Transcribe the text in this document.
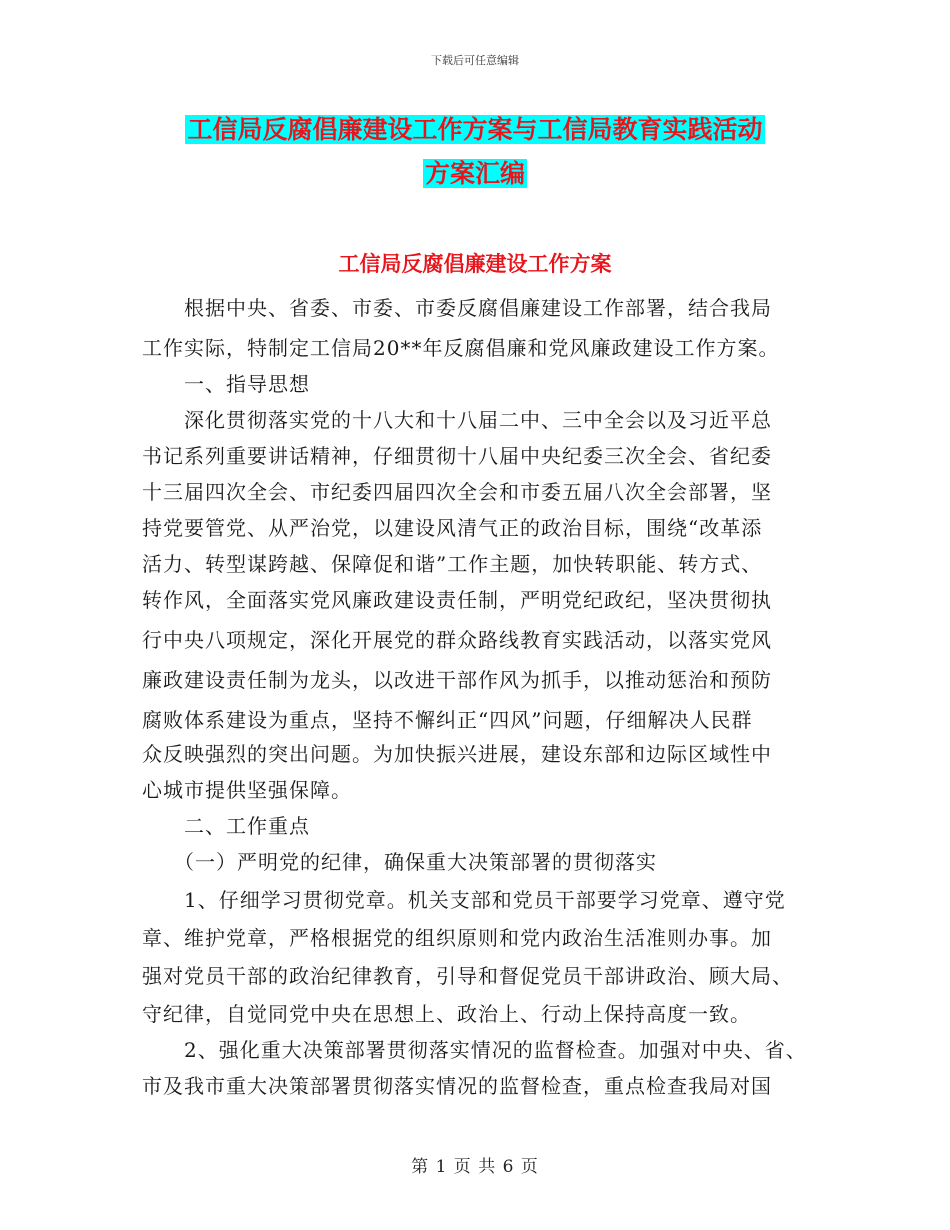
下载后可任意编辑
工信局反腐倡廉建设工作方案与工信局教育实践活动
方案汇编
工信局反腐倡廉建设工作方案
　　根据中央、省委、市委、市委反腐倡廉建设工作部署，结合我局
工作实际，特制定工信局20**年反腐倡廉和党风廉政建设工作方案。
　　一、指导思想
　　深化贯彻落实党的十八大和十八届二中、三中全会以及习近平总
书记系列重要讲话精神，仔细贯彻十八届中央纪委三次全会、省纪委
十三届四次全会、市纪委四届四次全会和市委五届八次全会部署，坚
持党要管党、从严治党，以建设风清气正的政治目标，围绕“改革添
活力、转型谋跨越、保障促和谐”工作主题，加快转职能、转方式、
转作风，全面落实党风廉政建设责任制，严明党纪政纪，坚决贯彻执
行中央八项规定，深化开展党的群众路线教育实践活动，以落实党风
廉政建设责任制为龙头，以改进干部作风为抓手，以推动惩治和预防
腐败体系建设为重点，坚持不懈纠正“四风”问题，仔细解决人民群
众反映强烈的突出问题。为加快振兴进展，建设东部和边际区域性中
心城市提供坚强保障。
　　二、工作重点
　　（一）严明党的纪律，确保重大决策部署的贯彻落实
　　1、仔细学习贯彻党章。机关支部和党员干部要学习党章、遵守党
章、维护党章，严格根据党的组织原则和党内政治生活准则办事。加
强对党员干部的政治纪律教育，引导和督促党员干部讲政治、顾大局、
守纪律，自觉同党中央在思想上、政治上、行动上保持高度一致。
　　2、强化重大决策部署贯彻落实情况的监督检查。加强对中央、省、
市及我市重大决策部署贯彻落实情况的监督检查，重点检查我局对国
第 1 页 共 6 页
